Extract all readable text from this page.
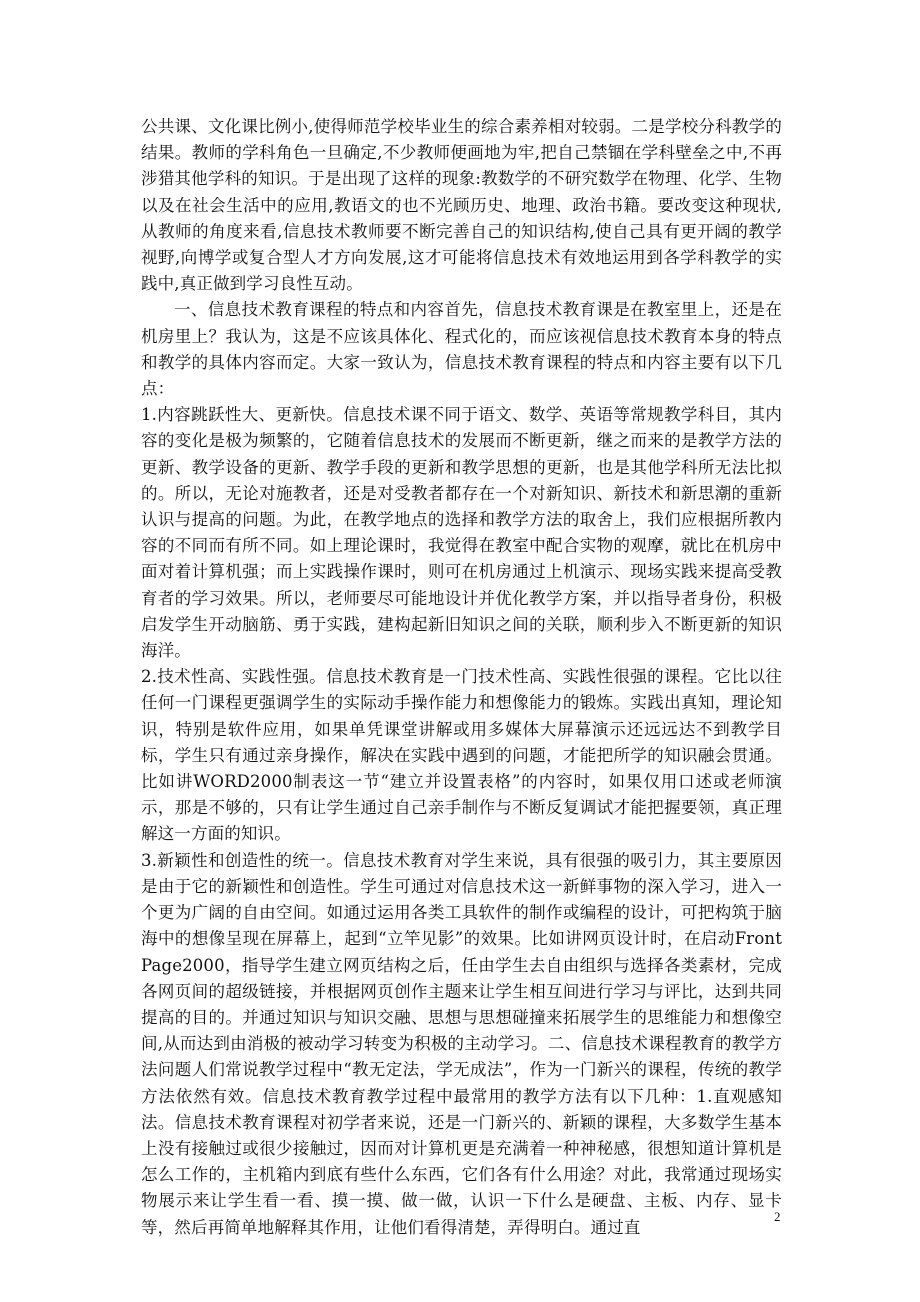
公共课、文化课比例小,使得师范学校毕业生的综合素养相对较弱。二是学校分科教学的结果。教师的学科角色一旦确定,不少教师便画地为牢,把自己禁锢在学科壁垒之中,不再涉猎其他学科的知识。于是出现了这样的现象:教数学的不研究数学在物理、化学、生物以及在社会生活中的应用,教语文的也不光顾历史、地理、政治书籍。要改变这种现状,从教师的角度来看,信息技术教师要不断完善自己的知识结构,使自己具有更开阔的教学视野,向博学或复合型人才方向发展,这才可能将信息技术有效地运用到各学科教学的实践中,真正做到学习良性互动。

一、信息技术教育课程的特点和内容首先，信息技术教育课是在教室里上，还是在机房里上？我认为，这是不应该具体化、程式化的，而应该视信息技术教育本身的特点和教学的具体内容而定。大家一致认为，信息技术教育课程的特点和内容主要有以下几点：

1.内容跳跃性大、更新快。信息技术课不同于语文、数学、英语等常规教学科目，其内容的变化是极为频繁的，它随着信息技术的发展而不断更新，继之而来的是教学方法的更新、教学设备的更新、教学手段的更新和教学思想的更新，也是其他学科所无法比拟的。所以，无论对施教者，还是对受教者都存在一个对新知识、新技术和新思潮的重新认识与提高的问题。为此，在教学地点的选择和教学方法的取舍上，我们应根据所教内容的不同而有所不同。如上理论课时，我觉得在教室中配合实物的观摩，就比在机房中面对着计算机强；而上实践操作课时，则可在机房通过上机演示、现场实践来提高受教育者的学习效果。所以，老师要尽可能地设计并优化教学方案，并以指导者身份，积极启发学生开动脑筋、勇于实践，建构起新旧知识之间的关联，顺利步入不断更新的知识海洋。

2.技术性高、实践性强。信息技术教育是一门技术性高、实践性很强的课程。它比以往任何一门课程更强调学生的实际动手操作能力和想像能力的锻炼。实践出真知，理论知识，特别是软件应用，如果单凭课堂讲解或用多媒体大屏幕演示还远远达不到教学目标，学生只有通过亲身操作，解决在实践中遇到的问题，才能把所学的知识融会贯通。比如讲WORD2000制表这一节“建立并设置表格”的内容时，如果仅用口述或老师演示，那是不够的，只有让学生通过自己亲手制作与不断反复调试才能把握要领，真正理解这一方面的知识。

3.新颖性和创造性的统一。信息技术教育对学生来说，具有很强的吸引力，其主要原因是由于它的新颖性和创造性。学生可通过对信息技术这一新鲜事物的深入学习，进入一个更为广阔的自由空间。如通过运用各类工具软件的制作或编程的设计，可把构筑于脑海中的想像呈现在屏幕上，起到“立竿见影”的效果。比如讲网页设计时，在启动FrontPage2000，指导学生建立网页结构之后，任由学生去自由组织与选择各类素材，完成各网页间的超级链接，并根据网页创作主题来让学生相互间进行学习与评比，达到共同提高的目的。并通过知识与知识交融、思想与思想碰撞来拓展学生的思维能力和想像空间,从而达到由消极的被动学习转变为积极的主动学习。二、信息技术课程教育的教学方法问题人们常说教学过程中“教无定法，学无成法”，作为一门新兴的课程，传统的教学方法依然有效。信息技术教育教学过程中最常用的教学方法有以下几种：1.直观感知法。信息技术教育课程对初学者来说，还是一门新兴的、新颖的课程，大多数学生基本上没有接触过或很少接触过，因而对计算机更是充满着一种神秘感，很想知道计算机是怎么工作的，主机箱内到底有些什么东西，它们各有什么用途？对此，我常通过现场实物展示来让学生看一看、摸一摸、做一做，认识一下什么是硬盘、主板、内存、显卡等，然后再简单地解释其作用，让他们看得清楚，弄得明白。通过直

2
